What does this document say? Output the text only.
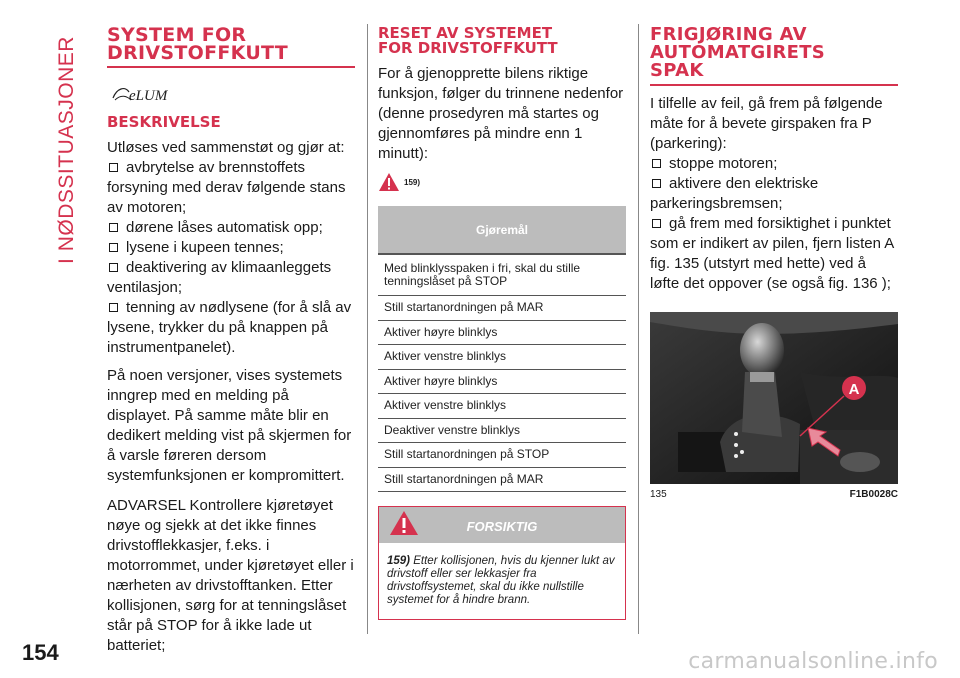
I NØDSSITUASJONER
154	carmanualsonline.info
SYSTEM FOR
DRIVSTOFFKUTT
eLUM
BESKRIVELSE

Utløses ved sammenstøt og gjør at:

avbrytelse av brennstoffets forsyning med derav følgende stans av motoren;
dørene låses automatisk opp;
lysene i kupeen tennes;
deaktivering av klimaanleggets ventilasjon;
tenning av nødlysene (for å slå av lysene, trykker du på knappen på instrumentpanelet).

På noen versjoner, vises systemets inngrep med en melding på displayet. På samme måte blir en dedikert melding vist på skjermen for å varsle føreren dersom systemfunksjonen er kompromittert.

ADVARSEL Kontrollere kjøretøyet nøye og sjekk at det ikke finnes drivstofflekkasjer, f.eks. i motorrommet, under kjøretøyet eller i nærheten av drivstofftanken. Etter kollisjonen, sørg for at tenningslåset står på STOP for å ikke lade ut batteriet;

RESET AV SYSTEMET
FOR DRIVSTOFFKUTT

For å gjenopprette bilens riktige funksjon, følger du trinnene nedenfor (denne prosedyren må startes og gjennomføres på mindre enn 1 minutt):

159)
Gjøremål
Med blinklysspaken i fri, skal du stille tenningslåset på STOP
Still startanordningen på MAR
Aktiver høyre blinklys
Aktiver venstre blinklys
Aktiver høyre blinklys
Aktiver venstre blinklys
Deaktiver venstre blinklys
Still startanordningen på STOP
Still startanordningen på MAR
FORSIKTIG
159) Etter kollisjonen, hvis du kjenner lukt av drivstoff eller ser lekkasjer fra drivstoffsystemet, skal du ikke nullstille systemet for å hindre brann.
FRIGJØRING AV
AUTOMATGIRETS
SPAK

I tilfelle av feil, gå frem på følgende måte for å bevete girspaken fra P (parkering):

stoppe motoren;
aktivere den elektriske parkeringsbremsen;
gå frem med forsiktighet i punktet som er indikert av pilen, fjern listen A fig. 135 (utstyrt med hette) ved å løfte det oppover (se også fig. 136 );
A
135	F1B0028C
